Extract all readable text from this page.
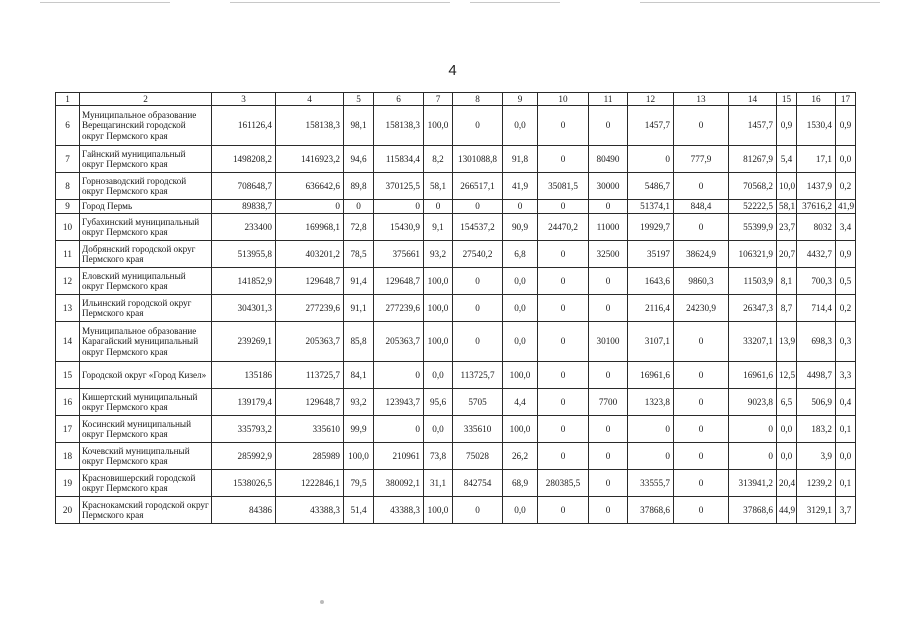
4
1	2	3	4	5	6	7	8	9	10	11	12	13	14	15	16	17
6	Муниципальное образование Верещагинский городской округ Пермского края	161126,4	158138,3	98,1	158138,3	100,0	0	0,0	0	0	1457,7	0	1457,7	0,9	1530,4	0,9
7	Гайнский муниципальный округ Пермского края	1498208,2	1416923,2	94,6	115834,4	8,2	1301088,8	91,8	0	80490	0	777,9	81267,9	5,4	17,1	0,0
8	Горнозаводский городской округ Пермского края	708648,7	636642,6	89,8	370125,5	58,1	266517,1	41,9	35081,5	30000	5486,7	0	70568,2	10,0	1437,9	0,2
9	Город Пермь	89838,7	0	0	0	0	0	0	0	0	51374,1	848,4	52222,5	58,1	37616,2	41,9
10	Губахинский муниципальный округ Пермского края	233400	169968,1	72,8	15430,9	9,1	154537,2	90,9	24470,2	11000	19929,7	0	55399,9	23,7	8032	3,4
11	Добрянский городской округ Пермского края	513955,8	403201,2	78,5	375661	93,2	27540,2	6,8	0	32500	35197	38624,9	106321,9	20,7	4432,7	0,9
12	Еловский муниципальный округ Пермского края	141852,9	129648,7	91,4	129648,7	100,0	0	0,0	0	0	1643,6	9860,3	11503,9	8,1	700,3	0,5
13	Ильинский городской округ Пермского края	304301,3	277239,6	91,1	277239,6	100,0	0	0,0	0	0	2116,4	24230,9	26347,3	8,7	714,4	0,2
14	Муниципальное образование Карагайский муниципальный округ Пермского края	239269,1	205363,7	85,8	205363,7	100,0	0	0,0	0	30100	3107,1	0	33207,1	13,9	698,3	0,3
15	Городской округ «Город Кизел»	135186	113725,7	84,1	0	0,0	113725,7	100,0	0	0	16961,6	0	16961,6	12,5	4498,7	3,3
16	Кишертский муниципальный округ Пермского края	139179,4	129648,7	93,2	123943,7	95,6	5705	4,4	0	7700	1323,8	0	9023,8	6,5	506,9	0,4
17	Косинский муниципальный округ Пермского края	335793,2	335610	99,9	0	0,0	335610	100,0	0	0	0	0	0	0,0	183,2	0,1
18	Кочевский муниципальный округ Пермского края	285992,9	285989	100,0	210961	73,8	75028	26,2	0	0	0	0	0	0,0	3,9	0,0
19	Красновишерский городской округ Пермского края	1538026,5	1222846,1	79,5	380092,1	31,1	842754	68,9	280385,5	0	33555,7	0	313941,2	20,4	1239,2	0,1
20	Краснокамский городской округ Пермского края	84386	43388,3	51,4	43388,3	100,0	0	0,0	0	0	37868,6	0	37868,6	44,9	3129,1	3,7
